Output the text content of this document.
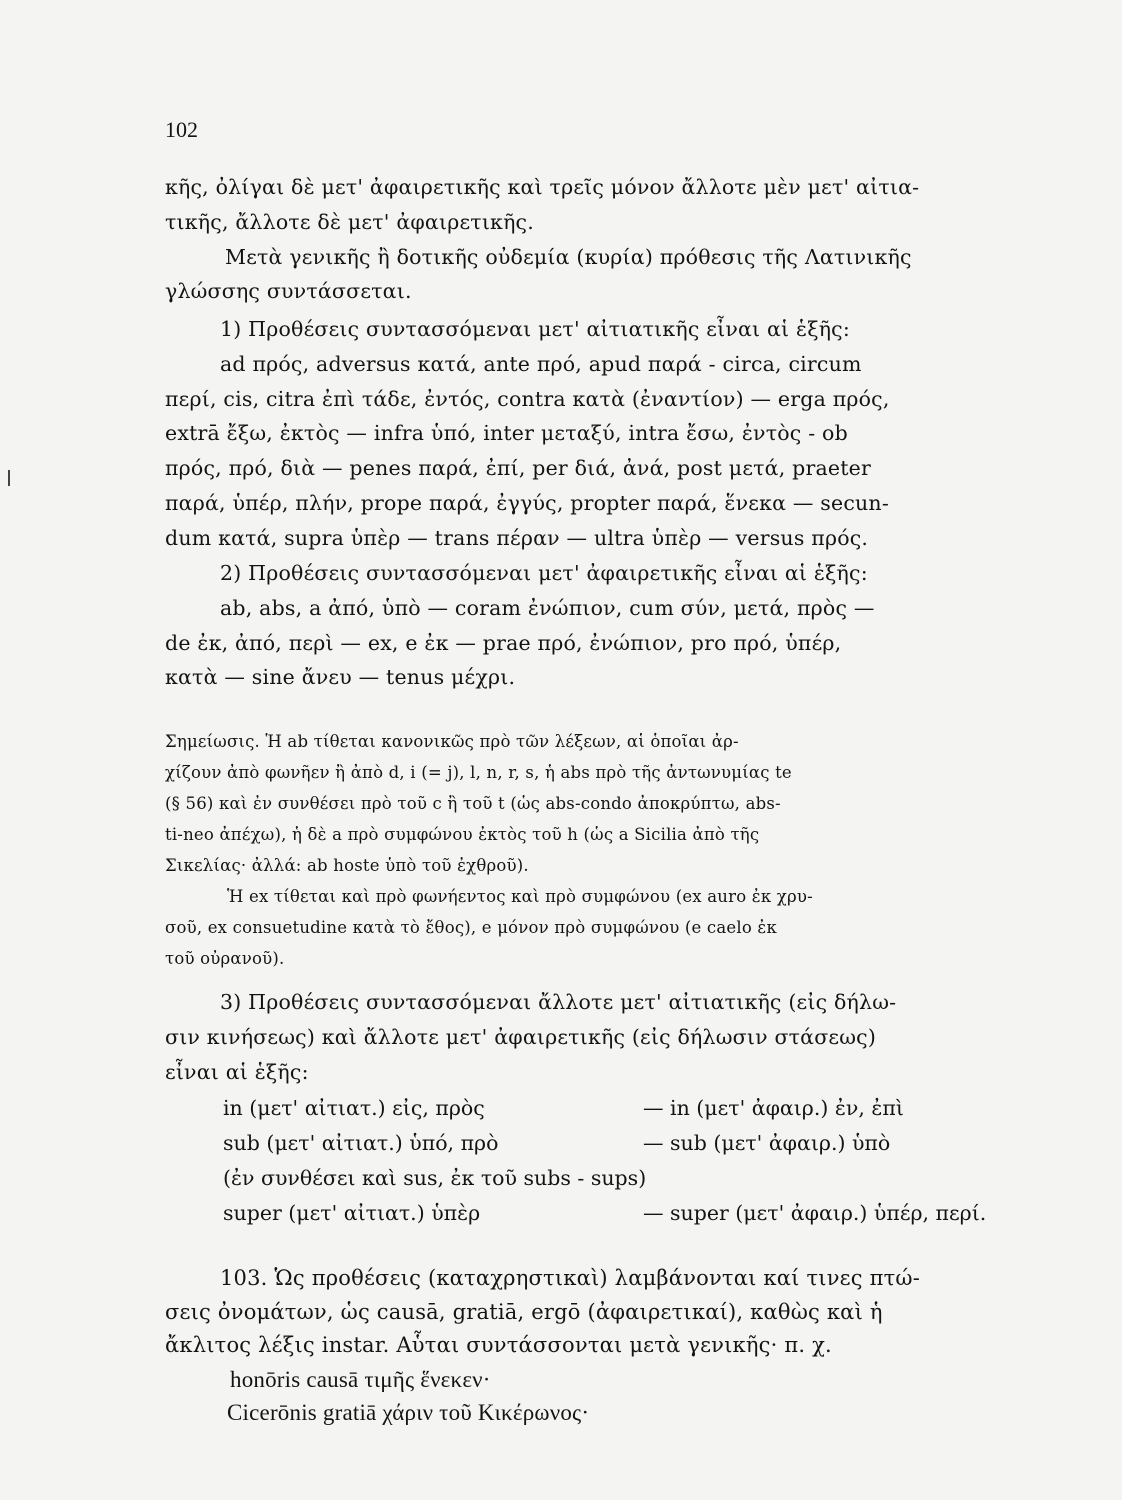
102
κῆς, ὀλίγαι δὲ μετ' ἀφαιρετικῆς καὶ τρεῖς μόνον ἄλλοτε μὲν μετ' αἰτια-
τικῆς, ἄλλοτε δὲ μετ' ἀφαιρετικῆς.
Μετὰ γενικῆς ἢ δοτικῆς οὐδεμία (κυρία) πρόθεσις τῆς Λατινικῆς
γλώσσης συντάσσεται.
1) Προθέσεις συντασσόμεναι μετ' αἰτιατικῆς εἶναι αἱ ἑξῆς:
ad πρός, adversus κατά, ante πρό, apud παρά - circa, circum
περί, cis, citra ἐπὶ τάδε, ἐντός, contra κατὰ (ἐναντίον) — erga πρός,
extrā ἔξω, ἐκτὸς — infra ὑπό, inter μεταξύ, intra ἔσω, ἐντὸς - ob
πρός, πρό, διὰ — penes παρά, ἐπί, per διά, ἀνά, post μετά, praeter
παρά, ὑπέρ, πλήν, prope παρά, ἐγγύς, propter παρά, ἕνεκα — secun-
dum κατά, supra ὑπὲρ — trans πέραν — ultra ὑπὲρ — versus πρός.
2) Προθέσεις συντασσόμεναι μετ' ἀφαιρετικῆς εἶναι αἱ ἑξῆς:
ab, abs, a ἀπό, ὑπὸ — coram ἐνώπιον, cum σύν, μετά, πρὸς —
de ἐκ, ἀπό, περὶ — ex, e ἐκ — prae πρό, ἐνώπιον, pro πρό, ὑπέρ,
κατὰ — sine ἄνευ — tenus μέχρι.
Σημείωσις. Ἡ ab τίθεται κανονικῶς πρὸ τῶν λέξεων, αἱ ὁποῖαι ἀρ-
χίζουν ἀπὸ φωνῆεν ἢ ἀπὸ d, i (= j), l, n, r, s, ἡ abs πρὸ τῆς ἀντωνυμίας te
(§ 56) καὶ ἐν συνθέσει πρὸ τοῦ c ἢ τοῦ t (ὡς abs-condo ἀποκρύπτω, abs-
ti-neo ἀπέχω), ἡ δὲ a πρὸ συμφώνου ἐκτὸς τοῦ h (ὡς a Sicilia ἀπὸ τῆς
Σικελίας· ἀλλά: ab hoste ὑπὸ τοῦ ἐχθροῦ).
Ἡ ex τίθεται καὶ πρὸ φωνήεντος καὶ πρὸ συμφώνου (ex auro ἐκ χρυ-
σοῦ, ex consuetudine κατὰ τὸ ἔθος), e μόνον πρὸ συμφώνου (e caelo ἐκ
τοῦ οὐρανοῦ).
3) Προθέσεις συντασσόμεναι ἄλλοτε μετ' αἰτιατικῆς (εἰς δήλω-
σιν κινήσεως) καὶ ἄλλοτε μετ' ἀφαιρετικῆς (εἰς δήλωσιν στάσεως)
εἶναι αἱ ἑξῆς:
in (μετ' αἰτιατ.) εἰς, πρὸς	— in (μετ' ἀφαιρ.) ἐν, ἐπὶ
sub (μετ' αἰτιατ.) ὑπό, πρὸ	— sub (μετ' ἀφαιρ.) ὑπὸ
(ἐν συνθέσει καὶ sus, ἐκ τοῦ subs - sups)
super (μετ' αἰτιατ.) ὑπὲρ	— super (μετ' ἀφαιρ.) ὑπέρ, περί.
103. Ὡς προθέσεις (καταχρηστικαὶ) λαμβάνονται καί τινες πτώ-
σεις ὀνομάτων, ὡς causā, gratiā, ergō (ἀφαιρετικαί), καθὼς καὶ ἡ
ἄκλιτος λέξις instar. Αὗται συντάσσονται μετὰ γενικῆς· π. χ.
honōris causā τιμῆς ἕνεκεν·
Cicerōnis gratiā χάριν τοῦ Κικέρωνος·
